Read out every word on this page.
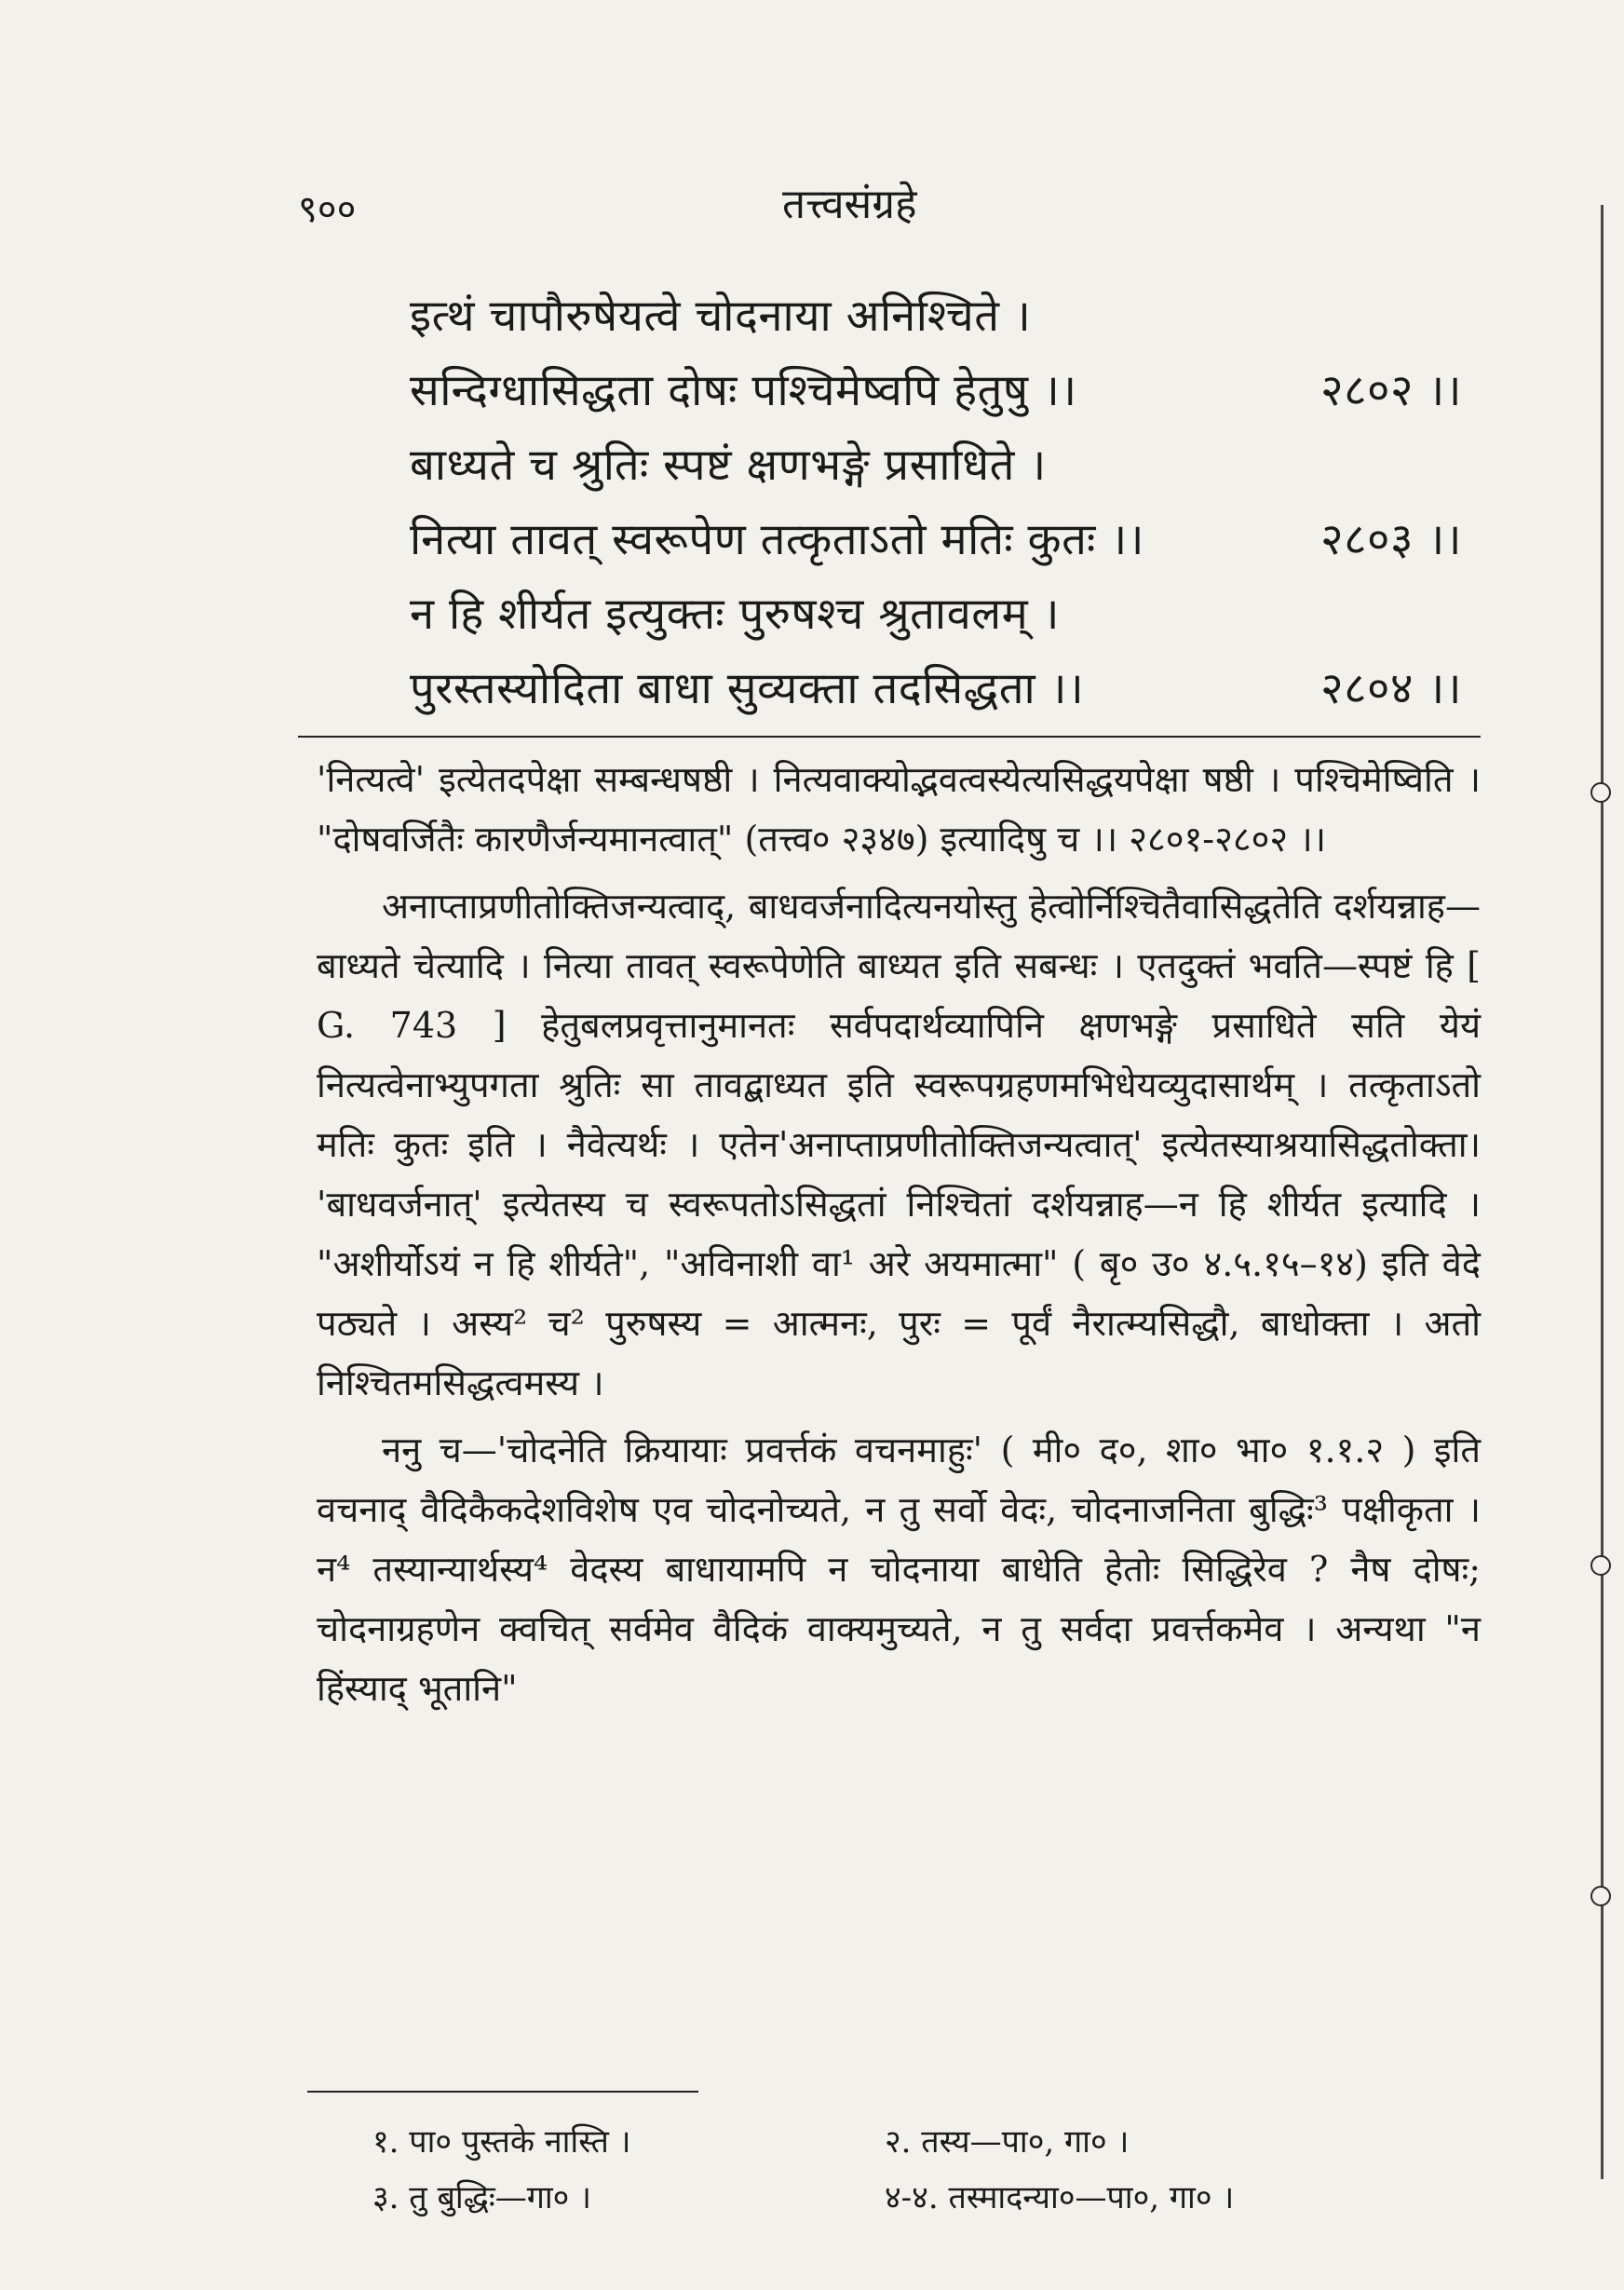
९००	तत्त्वसंग्रहे
इत्थं चापौरुषेयत्वे चोदनाया अनिश्चिते ।
सन्दिग्धासिद्धता दोषः पश्चिमेष्वपि हेतुषु ।।	२८०२ ।।
बाध्यते च श्रुतिः स्पष्टं क्षणभङ्गे प्रसाधिते ।
नित्या तावत् स्वरूपेण तत्कृताऽतो मतिः कुतः ।।	२८०३ ।।
न हि शीर्यत इत्युक्तः पुरुषश्च श्रुतावलम् ।
पुरस्तस्योदिता बाधा सुव्यक्ता तदसिद्धता ।।	२८०४ ।।

'नित्यत्वे' इत्येतदपेक्षा सम्बन्धषष्ठी । नित्यवाक्योद्भवत्वस्येत्यसिद्धयपेक्षा षष्ठी । पश्चिमेष्विति । "दोषवर्जितैः कारणैर्जन्यमानत्वात्" (तत्त्व० २३४७) इत्यादिषु च ।। २८०१-२८०२ ।।

अनाप्ताप्रणीतोक्तिजन्यत्वाद्, बाधवर्जनादित्यनयोस्तु हेत्वोर्निश्चितैवासिद्धतेति दर्शयन्नाह—बाध्यते चेत्यादि । नित्या तावत् स्वरूपेणेति बाध्यत इति सबन्धः । एतदुक्तं भवति—स्पष्टं हि [ G. 743 ] हेतुबलप्रवृत्तानुमानतः सर्वपदार्थव्यापिनि क्षणभङ्गे प्रसाधिते सति येयं नित्यत्वेनाभ्युपगता श्रुतिः सा तावद्बाध्यत इति स्वरूपग्रहणमभिधेयव्युदासार्थम् । तत्कृताऽतो मतिः कुतः इति । नैवेत्यर्थः । एतेन'अनाप्ताप्रणीतोक्तिजन्यत्वात्' इत्येतस्याश्रयासिद्धतोक्ता। 'बाधवर्जनात्' इत्येतस्य च स्वरूपतोऽसिद्धतां निश्चितां दर्शयन्नाह—न हि शीर्यत इत्यादि । "अशीर्योऽयं न हि शीर्यते", "अविनाशी वा¹ अरे अयमात्मा" ( बृ० उ० ४.५.१५–१४) इति वेदे पठ्यते । अस्य² च² पुरुषस्य = आत्मनः, पुरः = पूर्वं नैरात्म्यसिद्धौ, बाधोक्ता । अतो निश्चितमसिद्धत्वमस्य ।

ननु च—'चोदनेति क्रियायाः प्रवर्त्तकं वचनमाहुः' ( मी० द०, शा० भा० १.१.२ ) इति वचनाद् वैदिकैकदेशविशेष एव चोदनोच्यते, न तु सर्वो वेदः, चोदनाजनिता बुद्धिः³ पक्षीकृता । न⁴ तस्यान्यार्थस्य⁴ वेदस्य बाधायामपि न चोदनाया बाधेति हेतोः सिद्धिरेव ? नैष दोषः; चोदनाग्रहणेन क्वचित् सर्वमेव वैदिकं वाक्यमुच्यते, न तु सर्वदा प्रवर्त्तकमेव । अन्यथा "न हिंस्याद् भूतानि"

१. पा० पुस्तके नास्ति ।	२. तस्य—पा०, गा० ।
३. तु बुद्धिः—गा० ।	४-४. तस्मादन्या०—पा०, गा० ।
